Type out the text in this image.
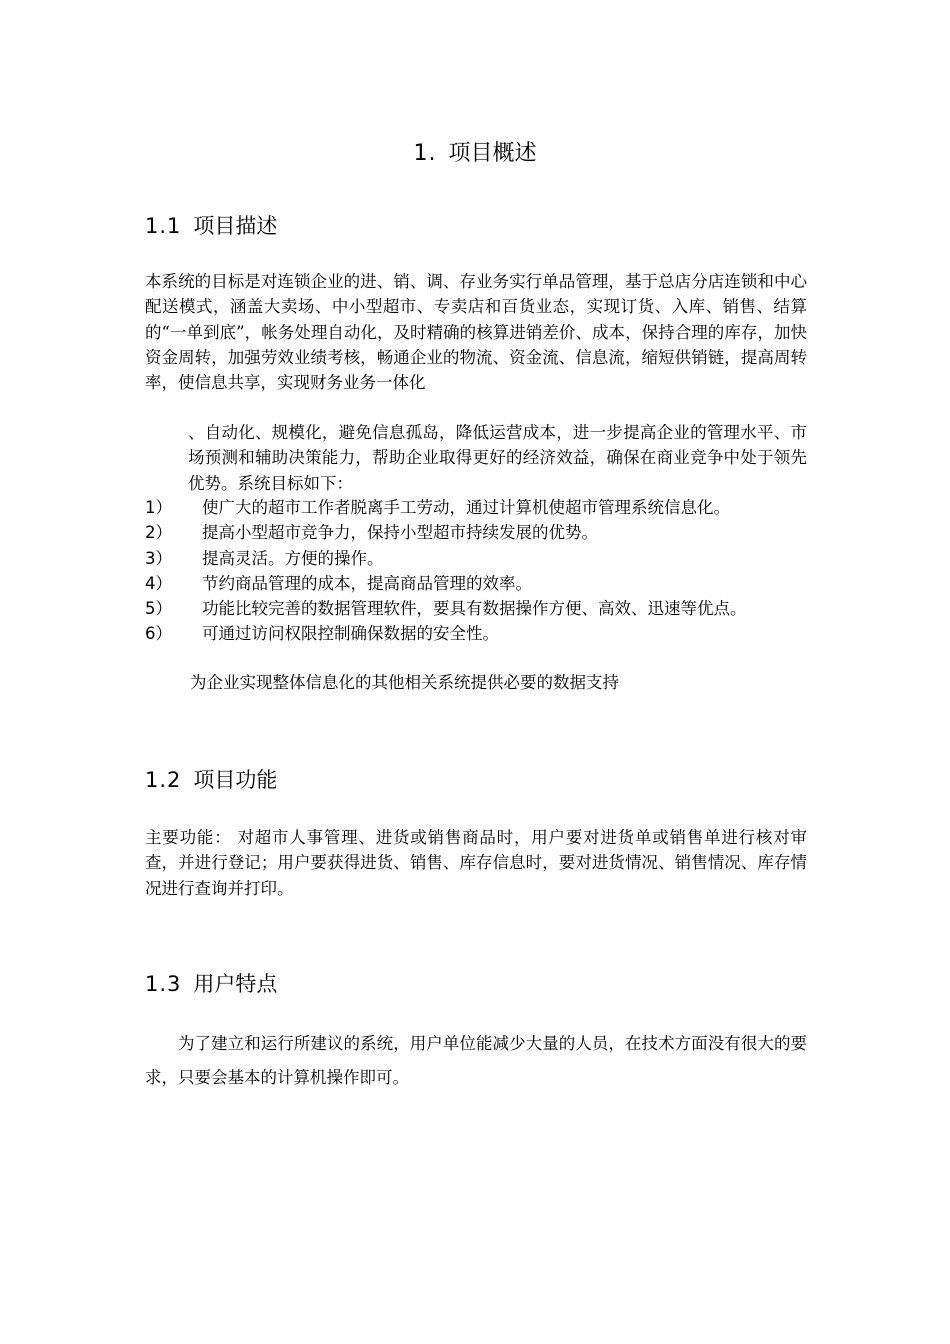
1. 项目概述
1.1 项目描述

本系统的目标是对连锁企业的进、销、调、存业务实行单品管理，基于总店分店连锁和中心配送模式，涵盖大卖场、中小型超市、专卖店和百货业态，实现订货、入库、销售、结算的“一单到底”，帐务处理自动化，及时精确的核算进销差价、成本，保持合理的库存，加快资金周转，加强劳效业绩考核，畅通企业的物流、资金流、信息流，缩短供销链，提高周转率，使信息共享，实现财务业务一体化

、自动化、规模化，避免信息孤岛，降低运营成本，进一步提高企业的管理水平、市场预测和辅助决策能力，帮助企业取得更好的经济效益，确保在商业竞争中处于领先优势。系统目标如下：

1） 使广大的超市工作者脱离手工劳动，通过计算机使超市管理系统信息化。
2） 提高小型超市竞争力，保持小型超市持续发展的优势。
3） 提高灵活。方便的操作。
4） 节约商品管理的成本，提高商品管理的效率。
5） 功能比较完善的数据管理软件，要具有数据操作方便、高效、迅速等优点。
6） 可通过访问权限控制确保数据的安全性。

为企业实现整体信息化的其他相关系统提供必要的数据支持

1.2 项目功能

主要功能： 对超市人事管理、进货或销售商品时，用户要对进货单或销售单进行核对审查，并进行登记；用户要获得进货、销售、库存信息时，要对进货情况、销售情况、库存情况进行查询并打印。

1.3 用户特点

为了建立和运行所建议的系统，用户单位能减少大量的人员，在技术方面没有很大的要求，只要会基本的计算机操作即可。
